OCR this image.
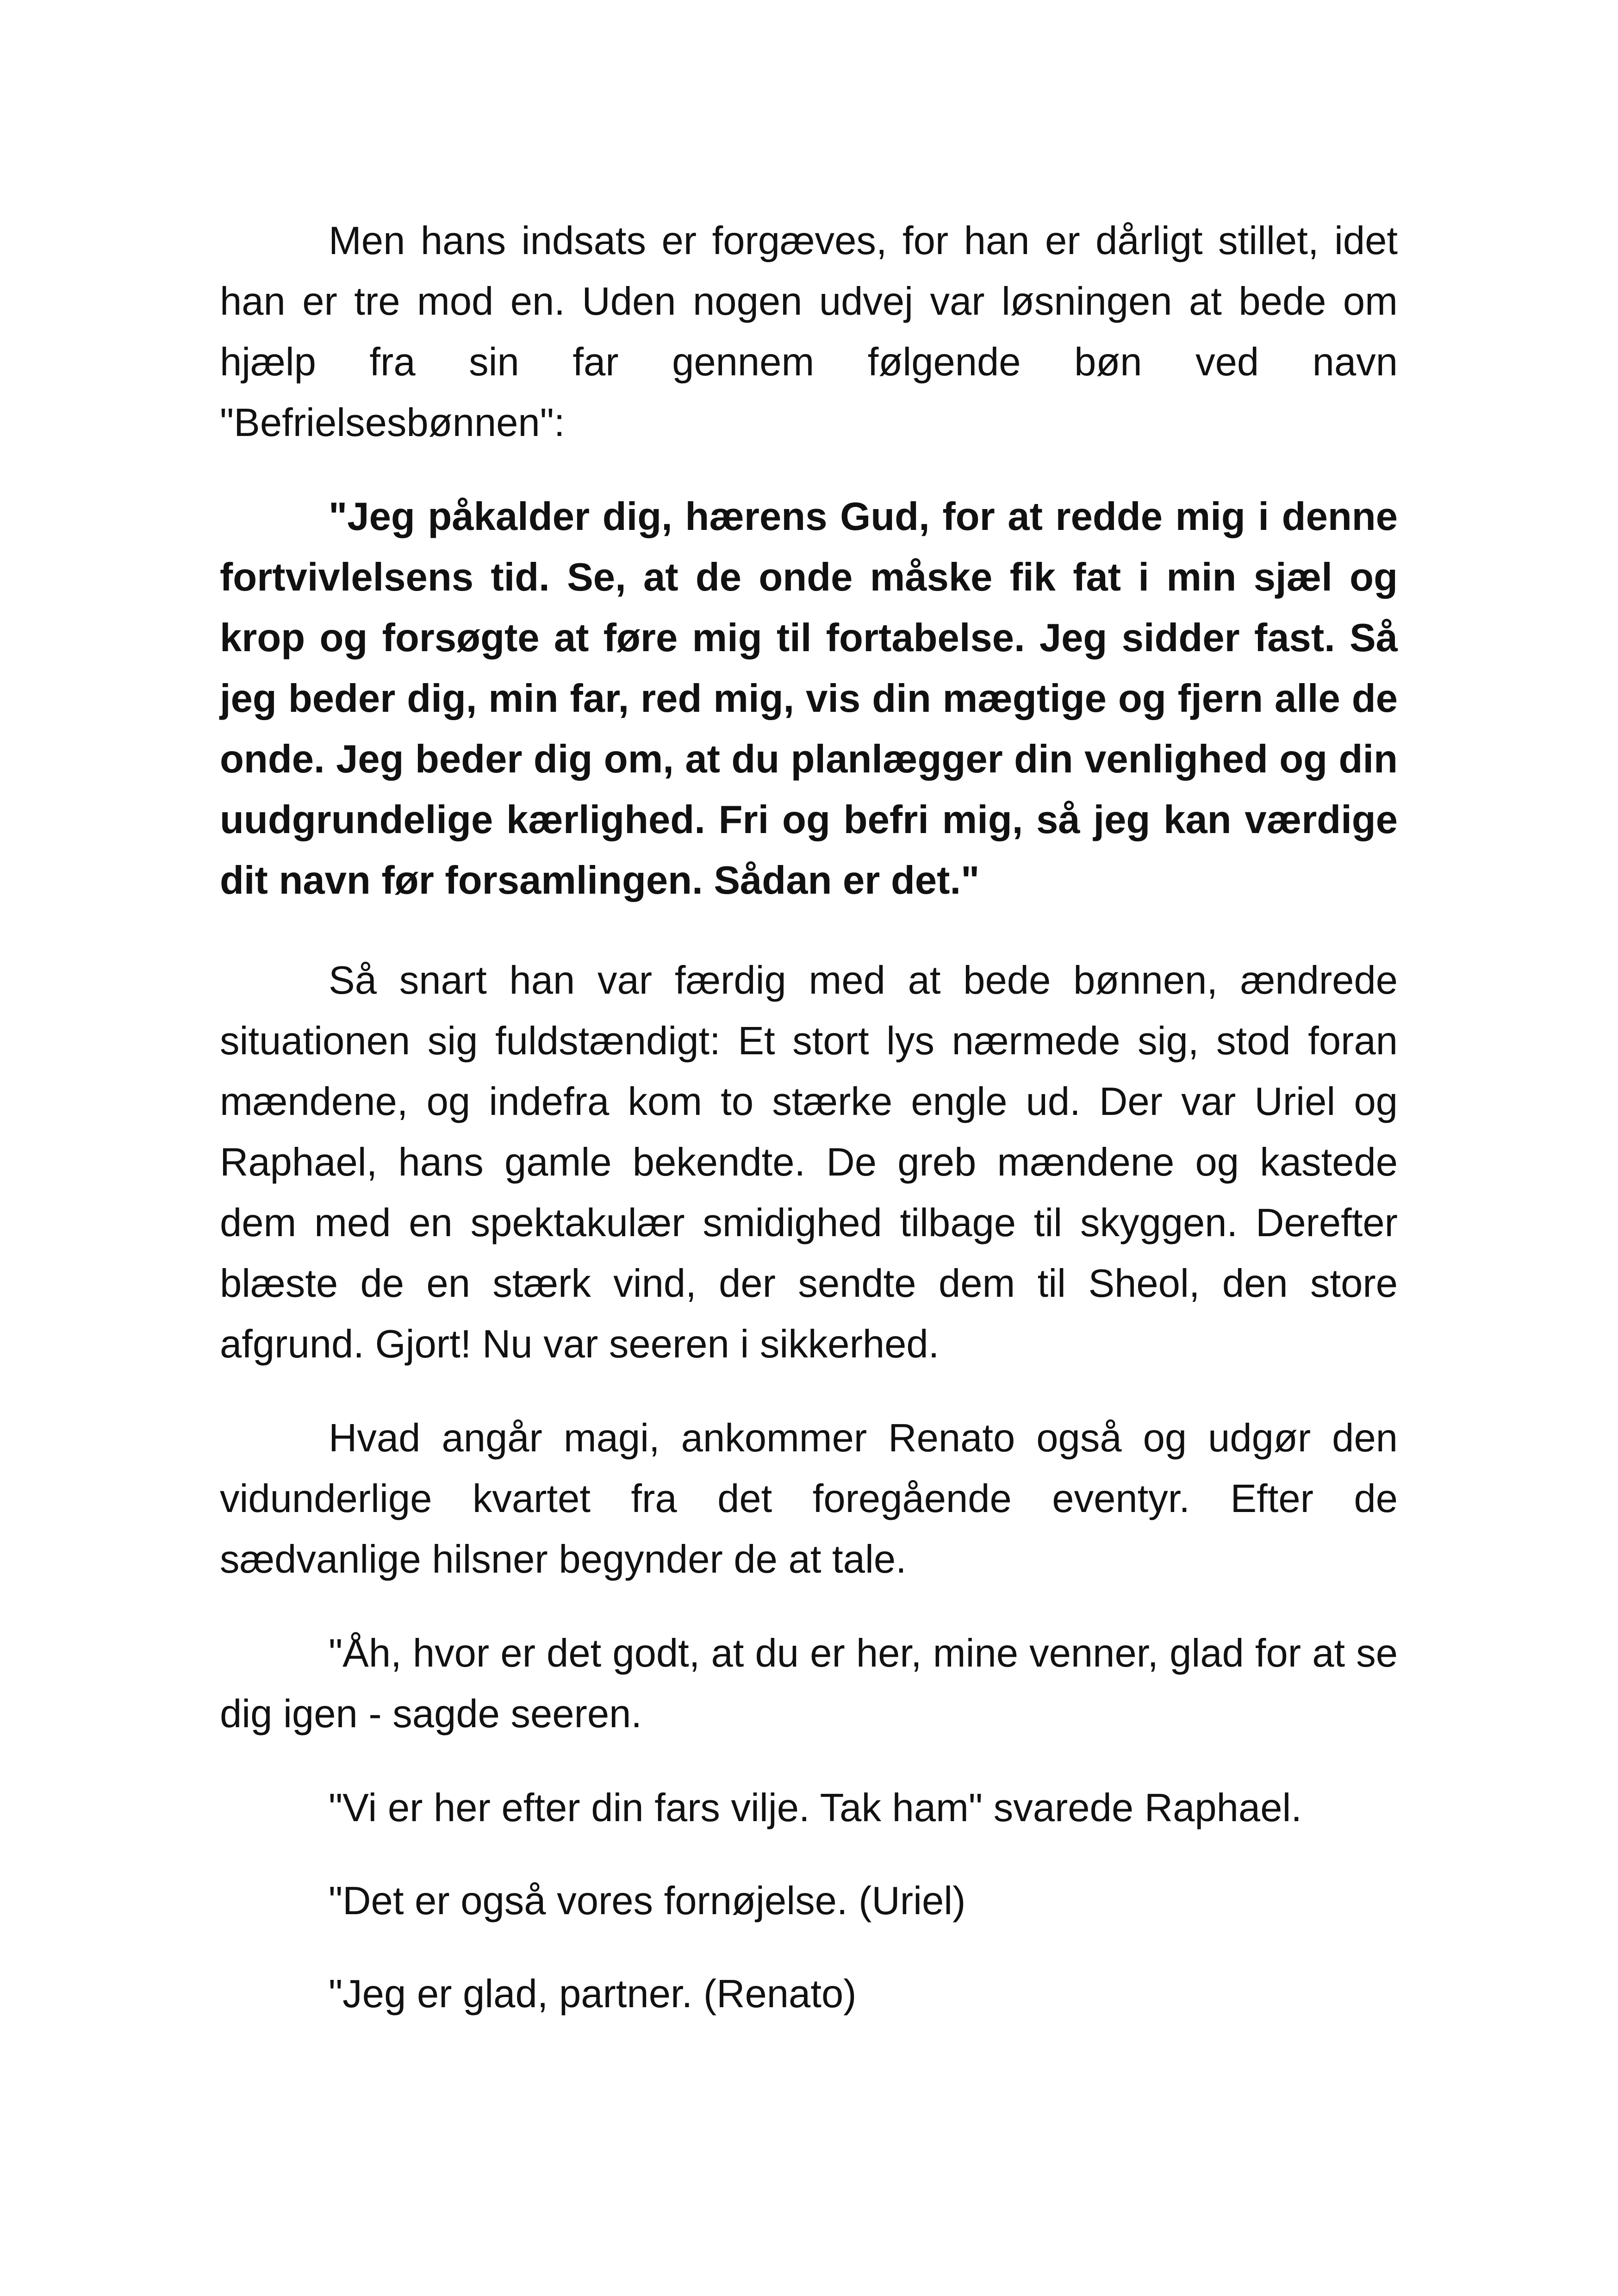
Men hans indsats er forgæves, for han er dårligt stillet, idet han er tre mod en. Uden nogen udvej var løsningen at bede om hjælp fra sin far gennem følgende bøn ved navn "Befrielsesbønnen":

"Jeg påkalder dig, hærens Gud, for at redde mig i denne fortvivlelsens tid. Se, at de onde måske fik fat i min sjæl og krop og forsøgte at føre mig til fortabelse. Jeg sidder fast. Så jeg beder dig, min far, red mig, vis din mægtige og fjern alle de onde. Jeg beder dig om, at du planlægger din venlighed og din uudgrundelige kærlighed. Fri og befri mig, så jeg kan værdige dit navn før forsamlingen. Sådan er det."

Så snart han var færdig med at bede bønnen, ændrede situationen sig fuldstændigt: Et stort lys nærmede sig, stod foran mændene, og indefra kom to stærke engle ud. Der var Uriel og Raphael, hans gamle bekendte. De greb mændene og kastede dem med en spektakulær smidighed tilbage til skyggen. Derefter blæste de en stærk vind, der sendte dem til Sheol, den store afgrund. Gjort! Nu var seeren i sikkerhed.

Hvad angår magi, ankommer Renato også og udgør den vidunderlige kvartet fra det foregående eventyr. Efter de sædvanlige hilsner begynder de at tale.

"Åh, hvor er det godt, at du er her, mine venner, glad for at se dig igen - sagde seeren.

"Vi er her efter din fars vilje. Tak ham" svarede Raphael.

"Det er også vores fornøjelse. (Uriel)

"Jeg er glad, partner. (Renato)
